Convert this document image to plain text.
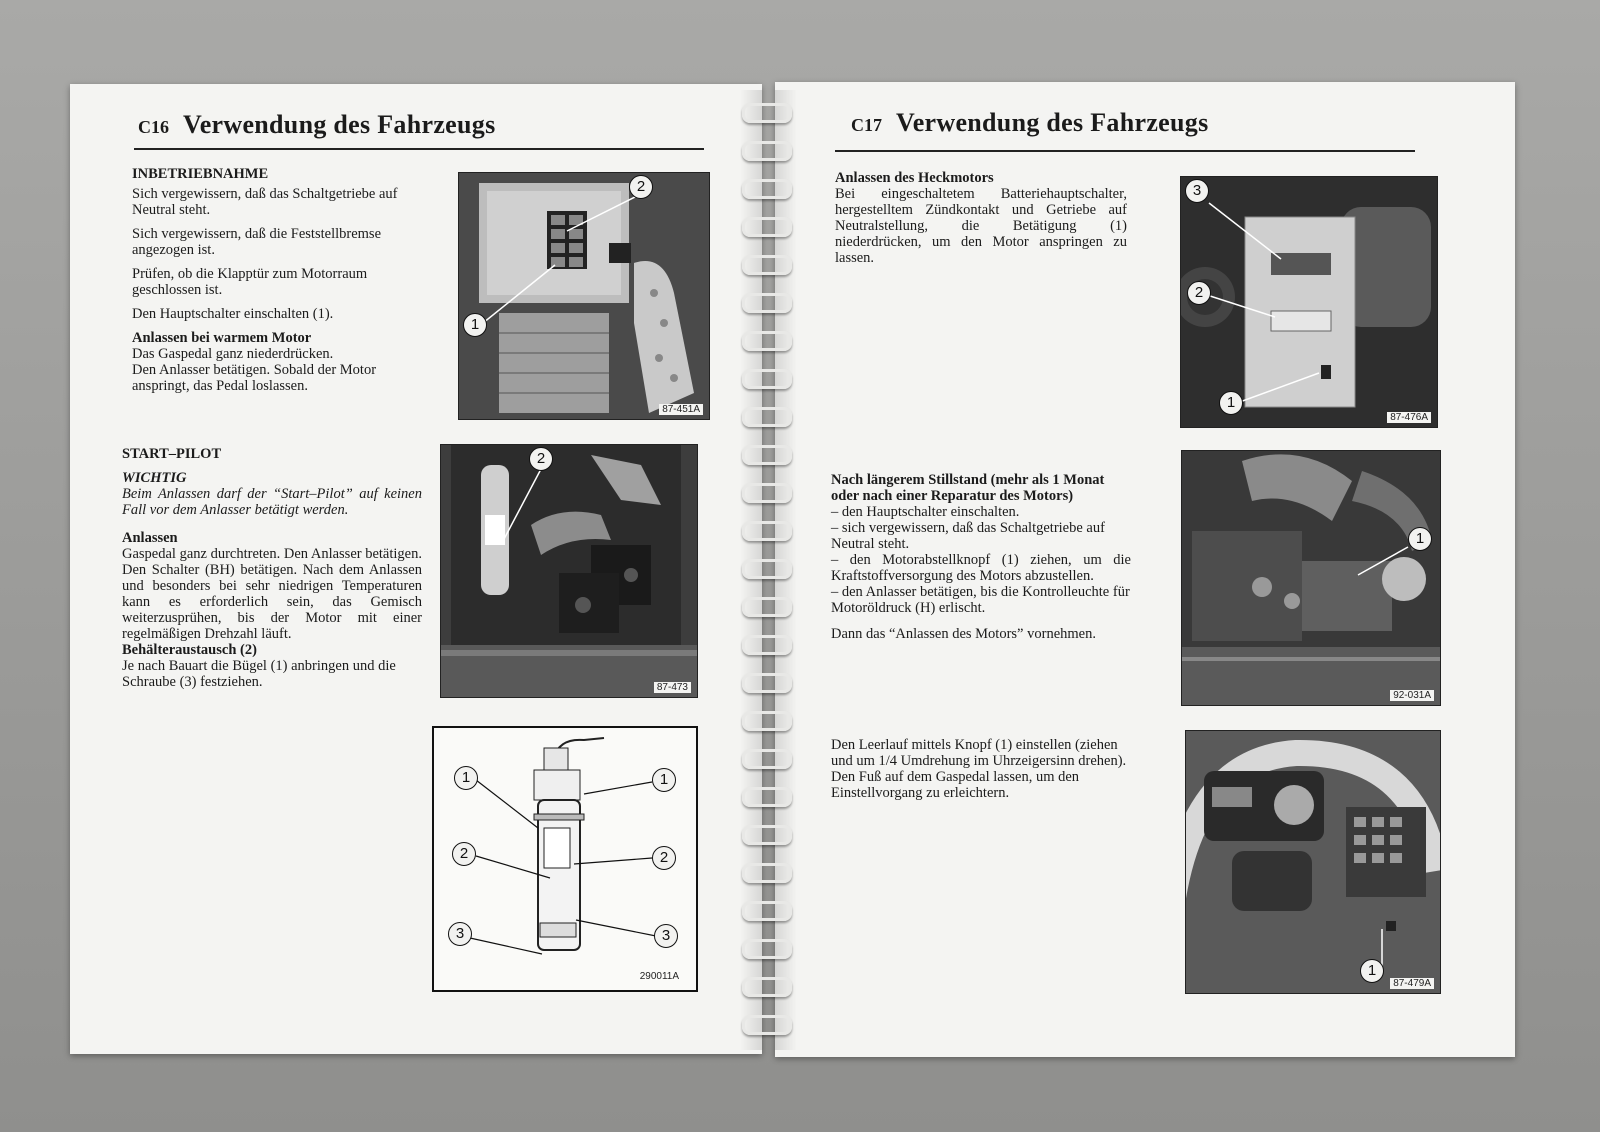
C16 Verwendung des Fahrzeugs
INBETRIEBNAHME

Sich vergewissern, daß das Schaltgetriebe auf Neutral steht.

Sich vergewissern, daß die Feststellbremse angezogen ist.

Prüfen, ob die Klapptür zum Motorraum geschlossen ist.

Den Hauptschalter einschalten (1).

Anlassen bei warmem Motor
Das Gaspedal ganz niederdrücken.
Den Anlasser betätigen. Sobald der Motor anspringt, das Pedal loslassen.
START–PILOT
WICHTIG

Beim Anlassen darf der “Start–Pilot” auf keinen Fall vor dem Anlasser betätigt werden.

Anlassen
Gaspedal ganz durchtreten. Den Anlasser betätigen. Den Schalter (BH) betätigen. Nach dem Anlassen und besonders bei sehr niedrigen Temperaturen kann es erforderlich sein, das Gemisch weiterzusprühen, bis der Motor mit einer regelmäßigen Drehzahl läuft.
Behälteraustausch (2)
Je nach Bauart die Bügel (1) anbringen und die Schraube (3) festziehen.
2
1
87-451A
2
87-473
1	1
2	2
3	3
290011A
C17 Verwendung des Fahrzeugs
Anlassen des Heckmotors
Bei eingeschaltetem Batteriehauptschalter, hergestelltem Zündkontakt und Getriebe auf Neutralstellung, die Betätigung (1) niederdrücken, um den Motor anspringen zu lassen.
Nach längerem Stillstand (mehr als 1 Monat oder nach einer Reparatur des Motors)
– den Hauptschalter einschalten.
– sich vergewissern, daß das Schaltgetriebe auf Neutral steht.
– den Motorabstellknopf (1) ziehen, um die Kraftstoffversorgung des Motors abzustellen.
– den Anlasser betätigen, bis die Kontrolleuchte für Motoröldruck (H) erlischt.
Dann das “Anlassen des Motors” vornehmen.
Den Leerlauf mittels Knopf (1) einstellen (ziehen und um 1/4 Umdrehung im Uhrzeigersinn drehen).
Den Fuß auf dem Gaspedal lassen, um den Einstellvorgang zu erleichtern.
3
2
1
87-476A
1
92-031A
1
87-479A
